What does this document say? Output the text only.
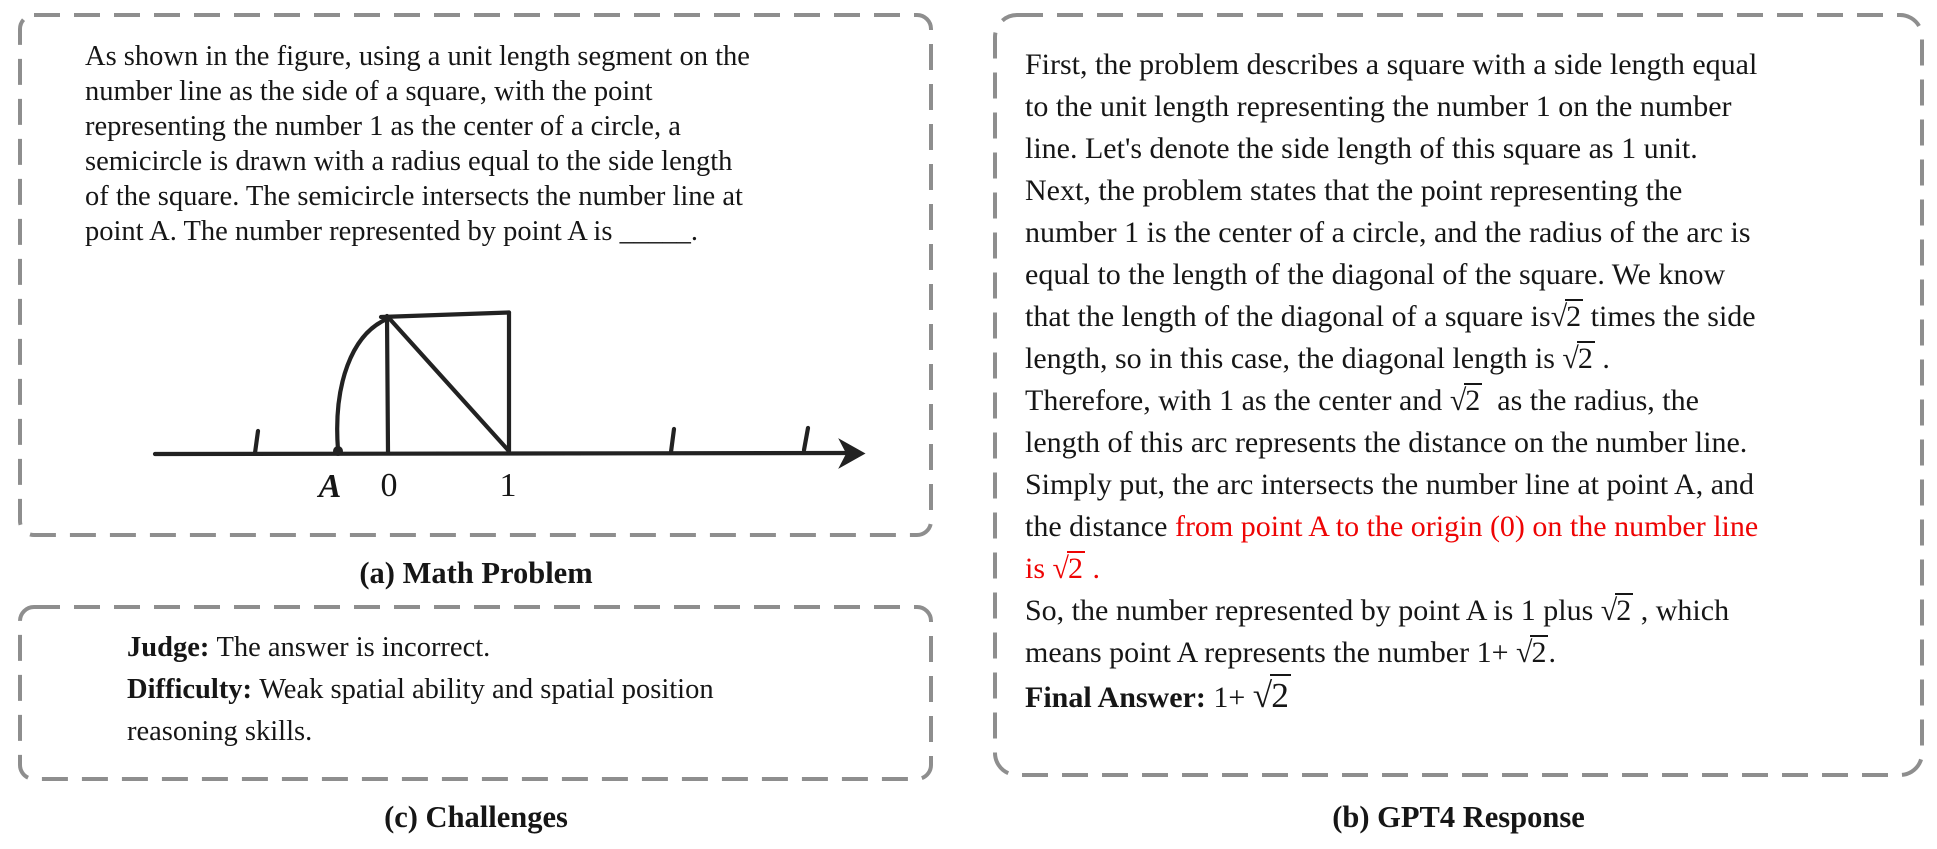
As shown in the figure, using a unit length segment on the
number line as the side of a square, with the point
representing the number 1 as the center of a circle, a
semicircle is drawn with a radius equal to the side length
of the square. The semicircle intersects the number line at
point A. The number represented by point A is _____.
A	0	1
(a) Math Problem
Judge: The answer is incorrect.
Difficulty: Weak spatial ability and spatial position
reasoning skills.
(c) Challenges
First, the problem describes a square with a side length equal
to the unit length representing the number 1 on the number
line. Let's denote the side length of this square as 1 unit.
Next, the problem states that the point representing the
number 1 is the center of a circle, and the radius of the arc is
equal to the length of the diagonal of the square. We know
that the length of the diagonal of a square is√2 times the side
length, so in this case, the diagonal length is √2 .
Therefore, with 1 as the center and √2  as the radius, the
length of this arc represents the distance on the number line.
Simply put, the arc intersects the number line at point A, and
the distance from point A to the origin (0) on the number line
is √2 .
So, the number represented by point A is 1 plus √2 , which
means point A represents the number 1+ √2.
Final Answer: 1+ √2
(b) GPT4 Response
